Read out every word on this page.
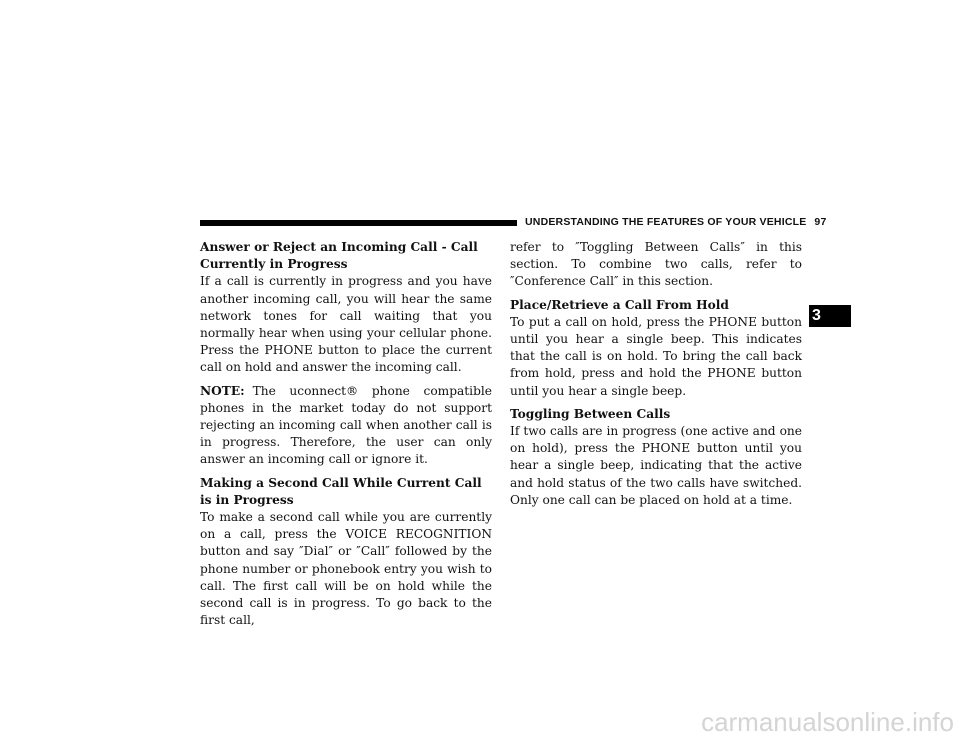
UNDERSTANDING THE FEATURES OF YOUR VEHICLE 97
Answer or Reject an Incoming Call - Call Currently in Progress

If a call is currently in progress and you have another incoming call, you will hear the same network tones for call waiting that you normally hear when using your cellular phone. Press the PHONE button to place the current call on hold and answer the incoming call.

NOTE: The uconnect® phone compatible phones in the market today do not support rejecting an incoming call when another call is in progress. Therefore, the user can only answer an incoming call or ignore it.

Making a Second Call While Current Call is in Progress

To make a second call while you are currently on a call, press the VOICE RECOGNITION button and say ″Dial″ or ″Call″ followed by the phone number or phonebook entry you wish to call. The first call will be on hold while the second call is in progress. To go back to the first call,

refer to ″Toggling Between Calls″ in this section. To combine two calls, refer to ″Conference Call″ in this section.

Place/Retrieve a Call From Hold

To put a call on hold, press the PHONE button until you hear a single beep. This indicates that the call is on hold. To bring the call back from hold, press and hold the PHONE button until you hear a single beep.

Toggling Between Calls

If two calls are in progress (one active and one on hold), press the PHONE button until you hear a single beep, indicating that the active and hold status of the two calls have switched. Only one call can be placed on hold at a time.

3
carmanualsonline.info
